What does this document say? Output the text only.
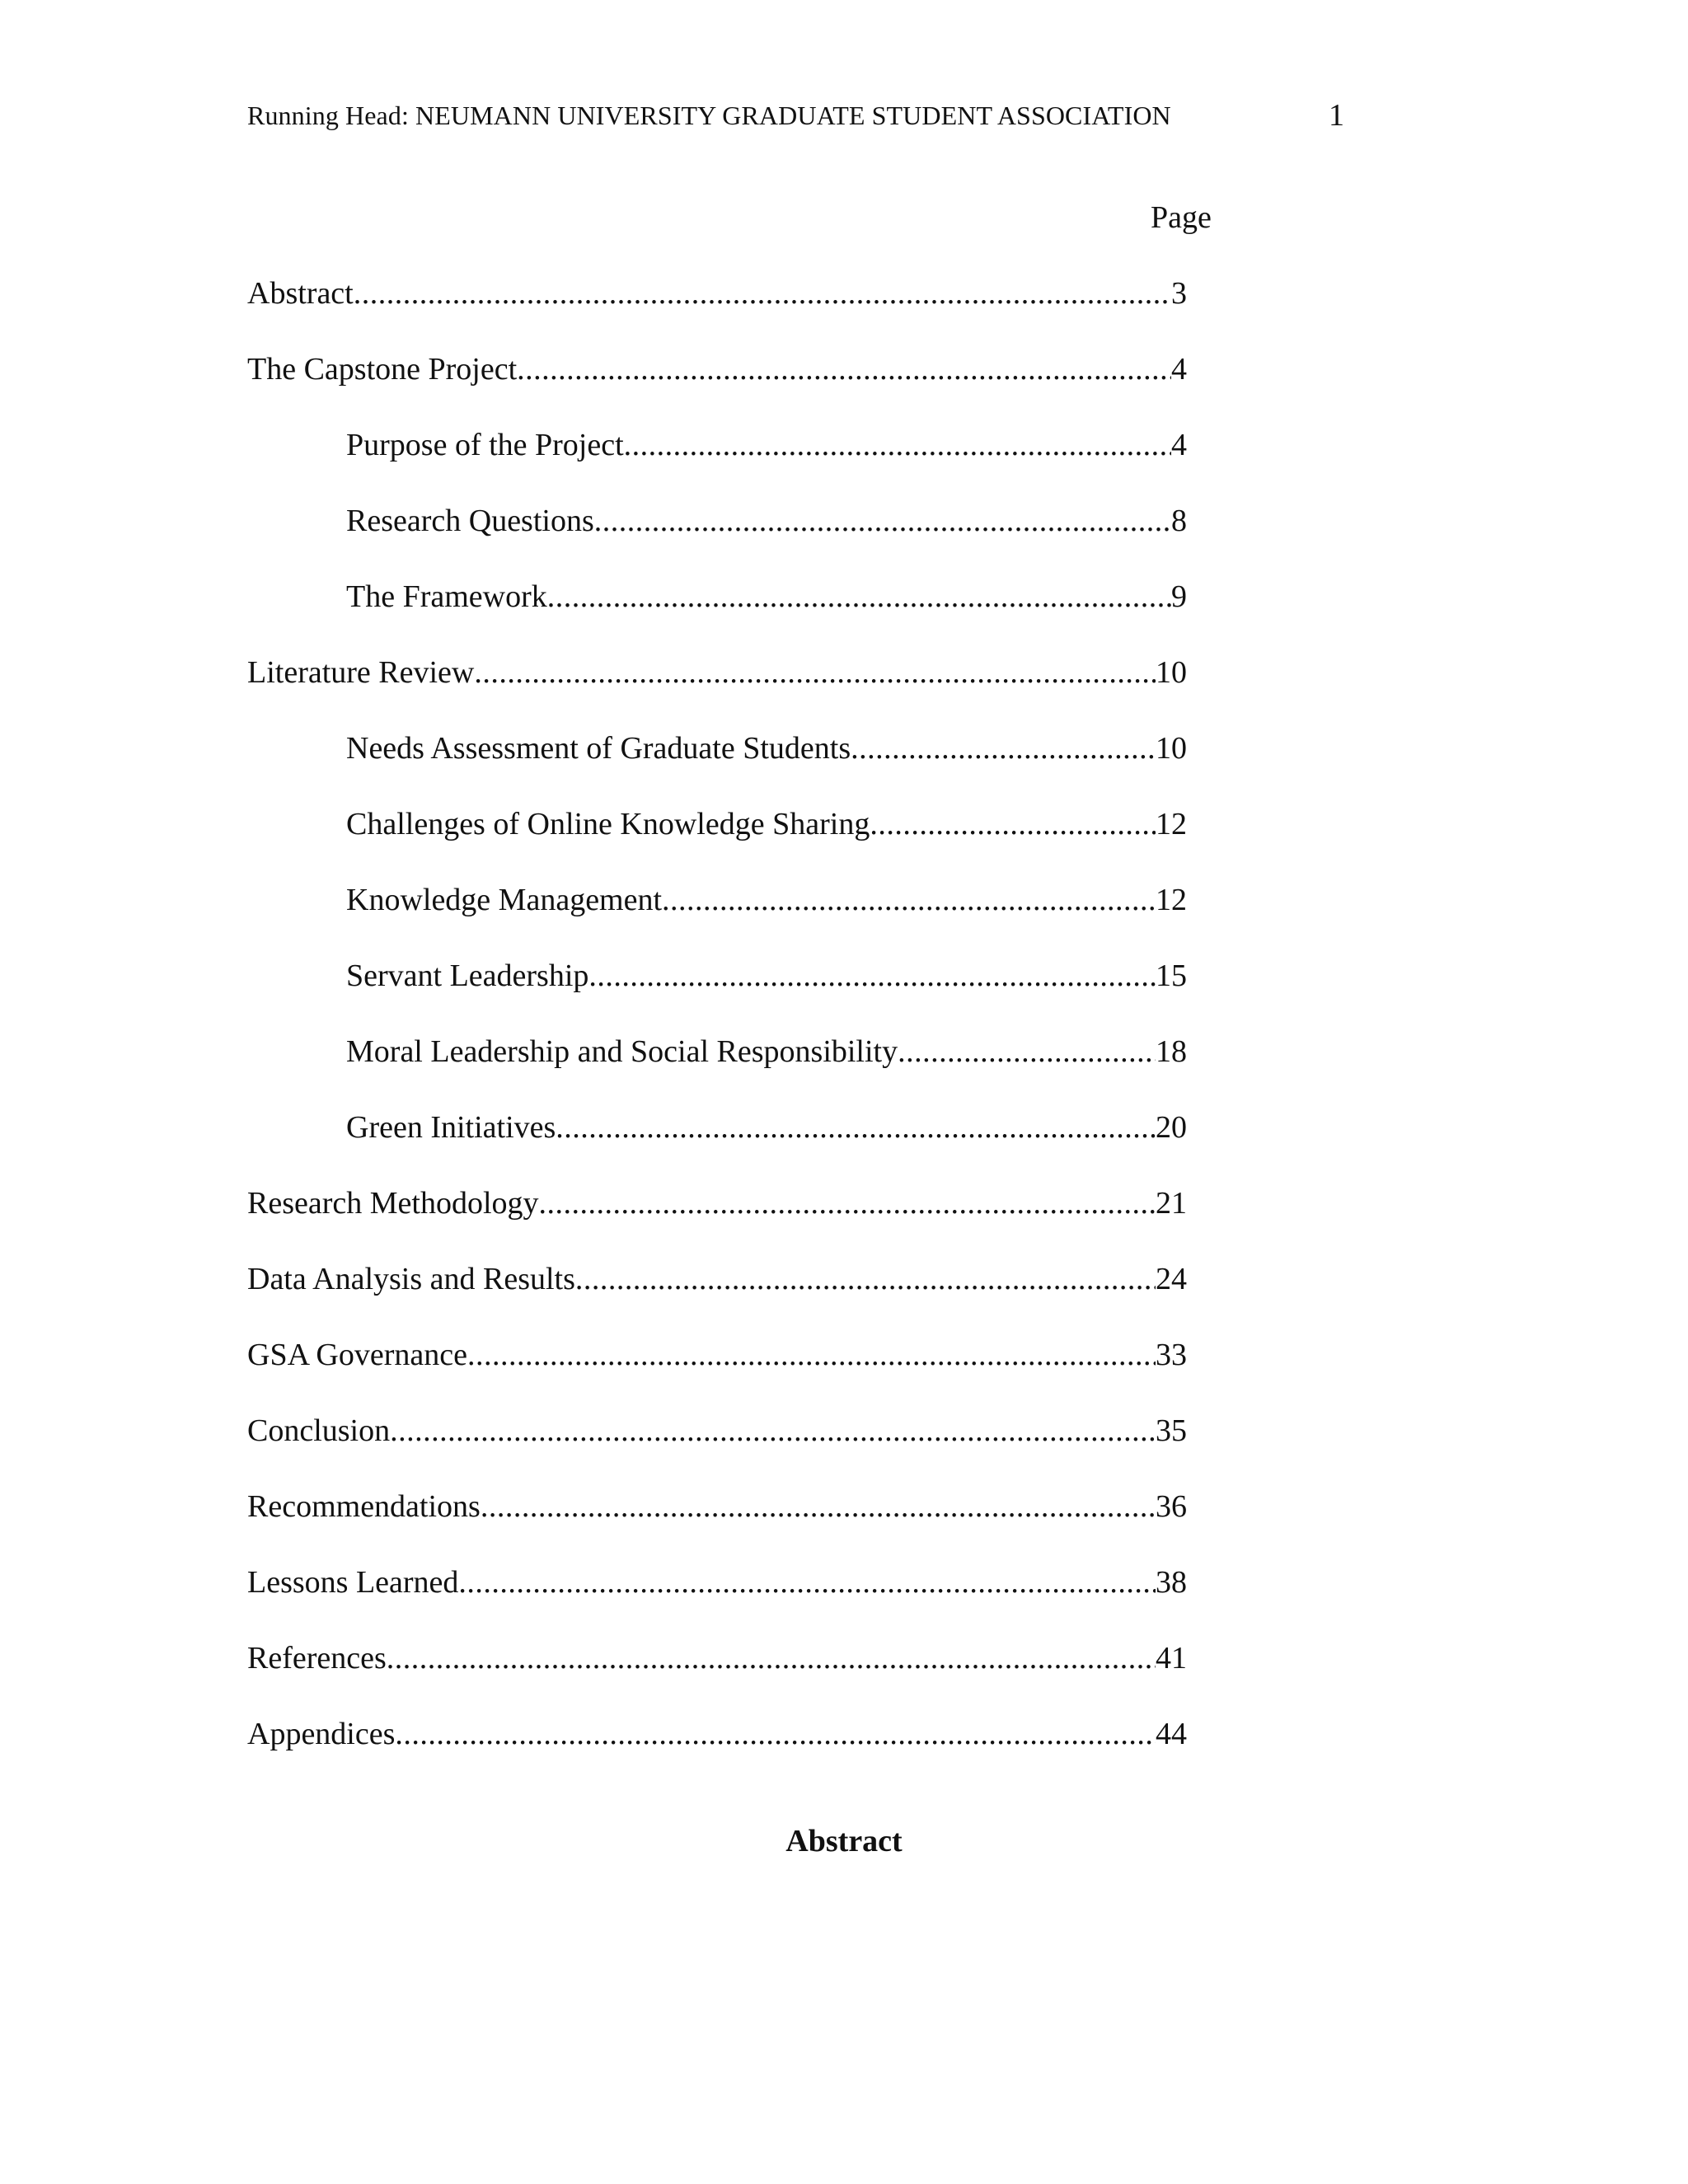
Running Head: NEUMANN UNIVERSITY GRADUATE STUDENT ASSOCIATION	1
Page
Abstract .....	3
The Capstone Project .....	4
Purpose of the Project .....	4
Research Questions .....	8
The Framework .....	9
Literature Review .....	10
Needs Assessment of Graduate Students .....	10
Challenges of Online Knowledge Sharing .....	12
Knowledge Management .....	12
Servant Leadership .....	15
Moral Leadership and Social Responsibility .....	18
Green Initiatives .....	20
Research Methodology .....	21
Data Analysis and Results .....	24
GSA Governance .....	33
Conclusion .....	35
Recommendations .....	36
Lessons Learned .....	38
References .....	41
Appendices .....	44
Abstract
